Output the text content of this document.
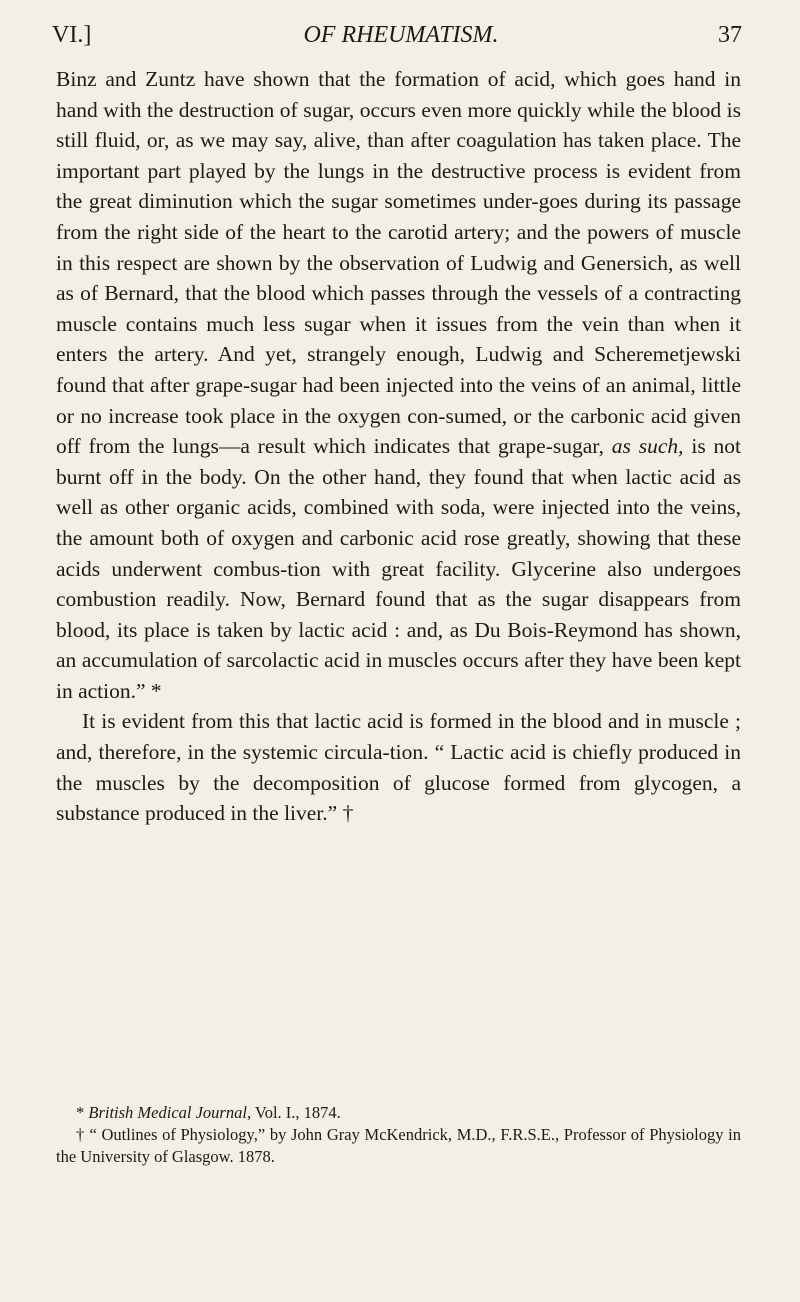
VI.]	OF RHEUMATISM.	37

Binz and Zuntz have shown that the formation of acid, which goes hand in hand with the destruction of sugar, occurs even more quickly while the blood is still fluid, or, as we may say, alive, than after coagulation has taken place. The important part played by the lungs in the destructive process is evident from the great diminution which the sugar sometimes under-goes during its passage from the right side of the heart to the carotid artery; and the powers of muscle in this respect are shown by the observation of Ludwig and Genersich, as well as of Bernard, that the blood which passes through the vessels of a contracting muscle contains much less sugar when it issues from the vein than when it enters the artery. And yet, strangely enough, Ludwig and Scheremetjewski found that after grape-sugar had been injected into the veins of an animal, little or no increase took place in the oxygen con-sumed, or the carbonic acid given off from the lungs—a result which indicates that grape-sugar, as such, is not burnt off in the body. On the other hand, they found that when lactic acid as well as other organic acids, combined with soda, were injected into the veins, the amount both of oxygen and carbonic acid rose greatly, showing that these acids underwent combus-tion with great facility. Glycerine also undergoes combustion readily. Now, Bernard found that as the sugar disappears from blood, its place is taken by lactic acid : and, as Du Bois-Reymond has shown, an accumulation of sarcolactic acid in muscles occurs after they have been kept in action.” *

It is evident from this that lactic acid is formed in the blood and in muscle ; and, therefore, in the systemic circula-tion. “ Lactic acid is chiefly produced in the muscles by the decomposition of glucose formed from glycogen, a substance produced in the liver.” †

* British Medical Journal, Vol. I., 1874.

† “ Outlines of Physiology,” by John Gray McKendrick, M.D., F.R.S.E., Professor of Physiology in the University of Glasgow. 1878.
